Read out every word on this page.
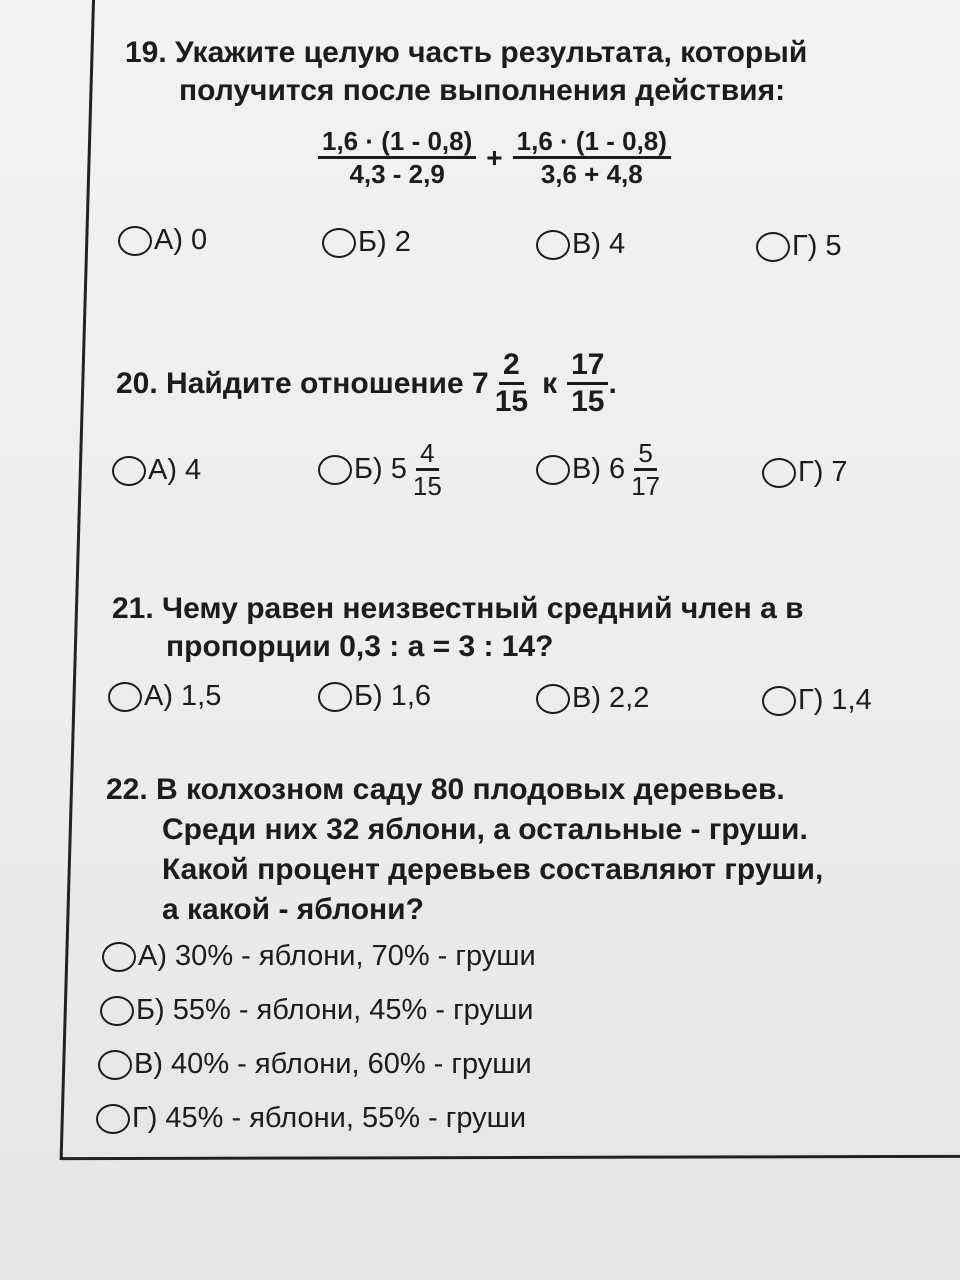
19. Укажите целую часть результата, который
получится после выполнения действия:
$\frac{1,6 \cdot (1 - 0,8)}{4,3 - 2,9} + \frac{1,6 \cdot (1 - 0,8)}{3,6 + 4,8}$
А) 0	Б) 2	В) 4	Г) 5
20. Найдите отношение $7 \frac{2}{15}$ к $\frac{17}{15}$ .
А) 4	Б) $5 \frac{4}{15}$	В) $6 \frac{5}{17}$	Г) 7
21. Чему равен неизвестный средний член а в
пропорции 0,3 : а = 3 : 14?
А) 1,5	Б) 1,6	В) 2,2	Г) 1,4
22. В колхозном саду 80 плодовых деревьев.
Среди них 32 яблони, а остальные - груши.
Какой процент деревьев составляют груши,
а какой - яблони?
А) 30% - яблони, 70% - груши
Б) 55% - яблони, 45% - груши
В) 40% - яблони, 60% - груши
Г) 45% - яблони, 55% - груши
